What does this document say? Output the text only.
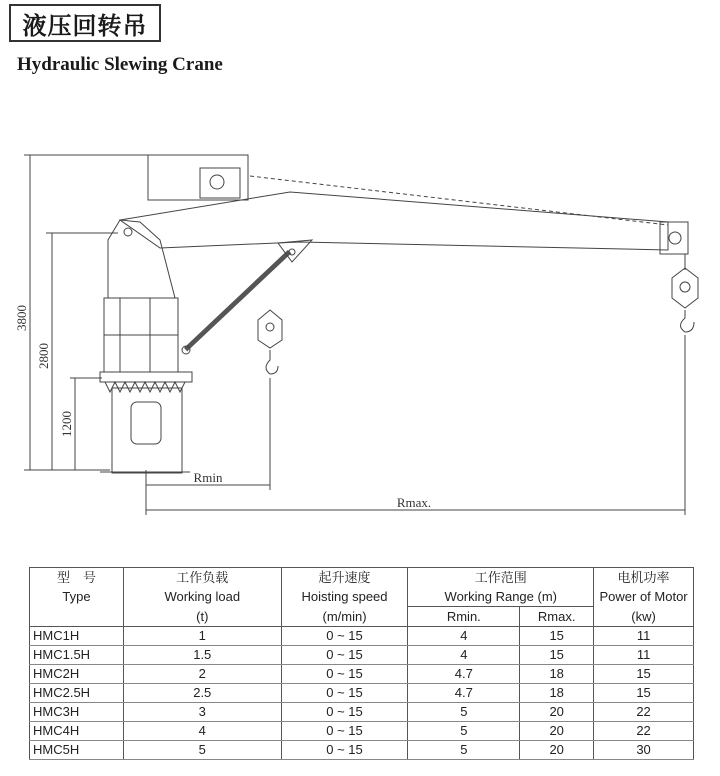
液压回转吊
Hydraulic Slewing Crane
3800
2800
1200
Rmin
Rmax.
型　号	工作负载	起升速度	工作范围		电机功率
Type	Working load	Hoisting speed	Working Range (m)		Power of Motor
	(t)	(m/min)	Rmin.	Rmax.	(kw)
HMC1H	1	0 ~ 15	4	15	11
HMC1.5H	1.5	0 ~ 15	4	15	11
HMC2H	2	0 ~ 15	4.7	18	15
HMC2.5H	2.5	0 ~ 15	4.7	18	15
HMC3H	3	0 ~ 15	5	20	22
HMC4H	4	0 ~ 15	5	20	22
HMC5H	5	0 ~ 15	5	20	30
